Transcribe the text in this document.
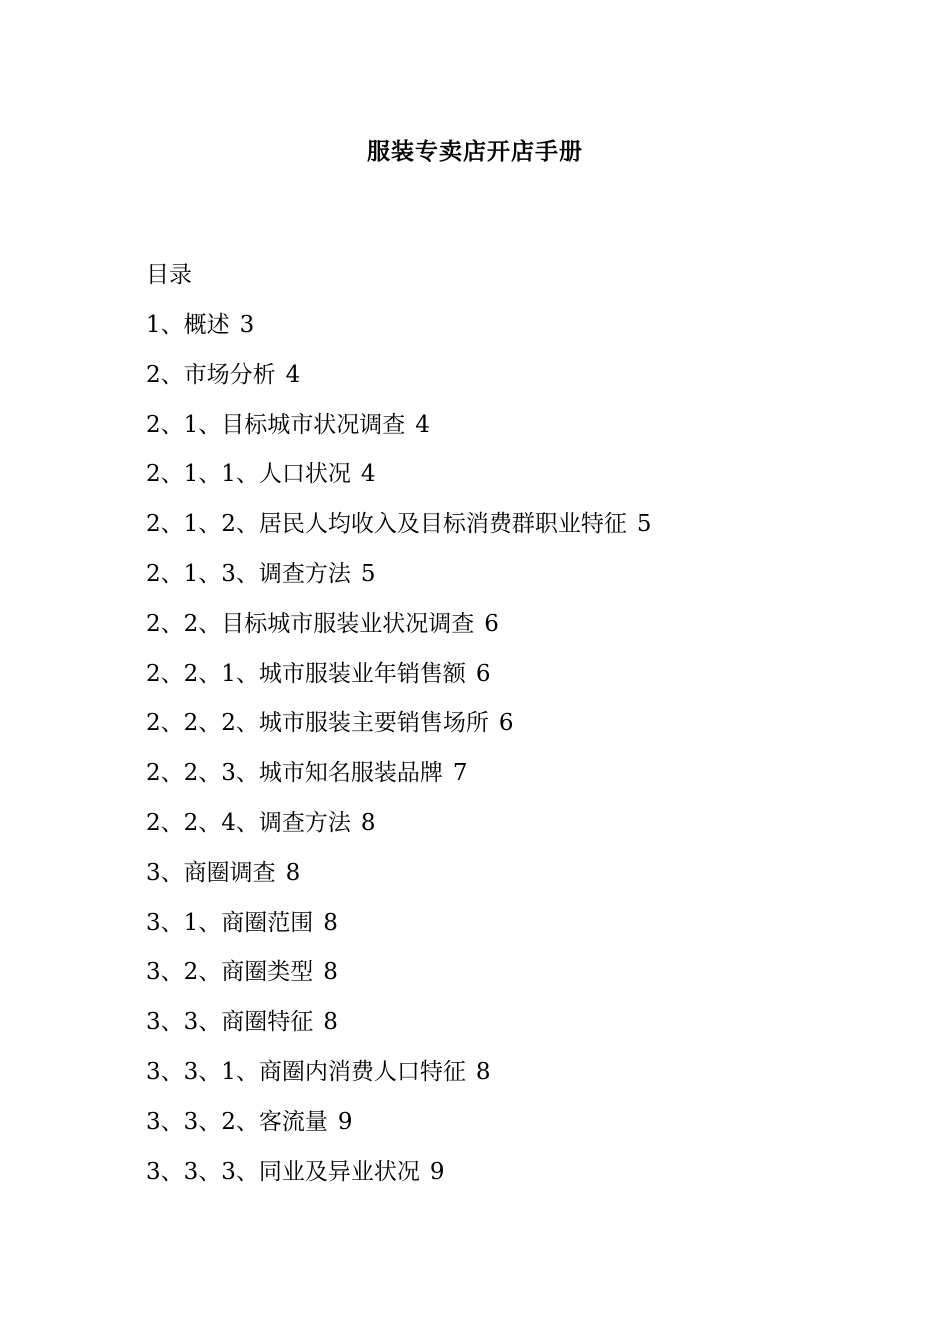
服装专卖店开店手册
目录
1、概述 3
2、市场分析 4
2、1、目标城市状况调查 4
2、1、1、人口状况 4
2、1、2、居民人均收入及目标消费群职业特征 5
2、1、3、调查方法 5
2、2、目标城市服装业状况调查 6
2、2、1、城市服装业年销售额 6
2、2、2、城市服装主要销售场所 6
2、2、3、城市知名服装品牌 7
2、2、4、调查方法 8
3、商圈调查 8
3、1、商圈范围 8
3、2、商圈类型 8
3、3、商圈特征 8
3、3、1、商圈内消费人口特征 8
3、3、2、客流量 9
3、3、3、同业及异业状况 9
